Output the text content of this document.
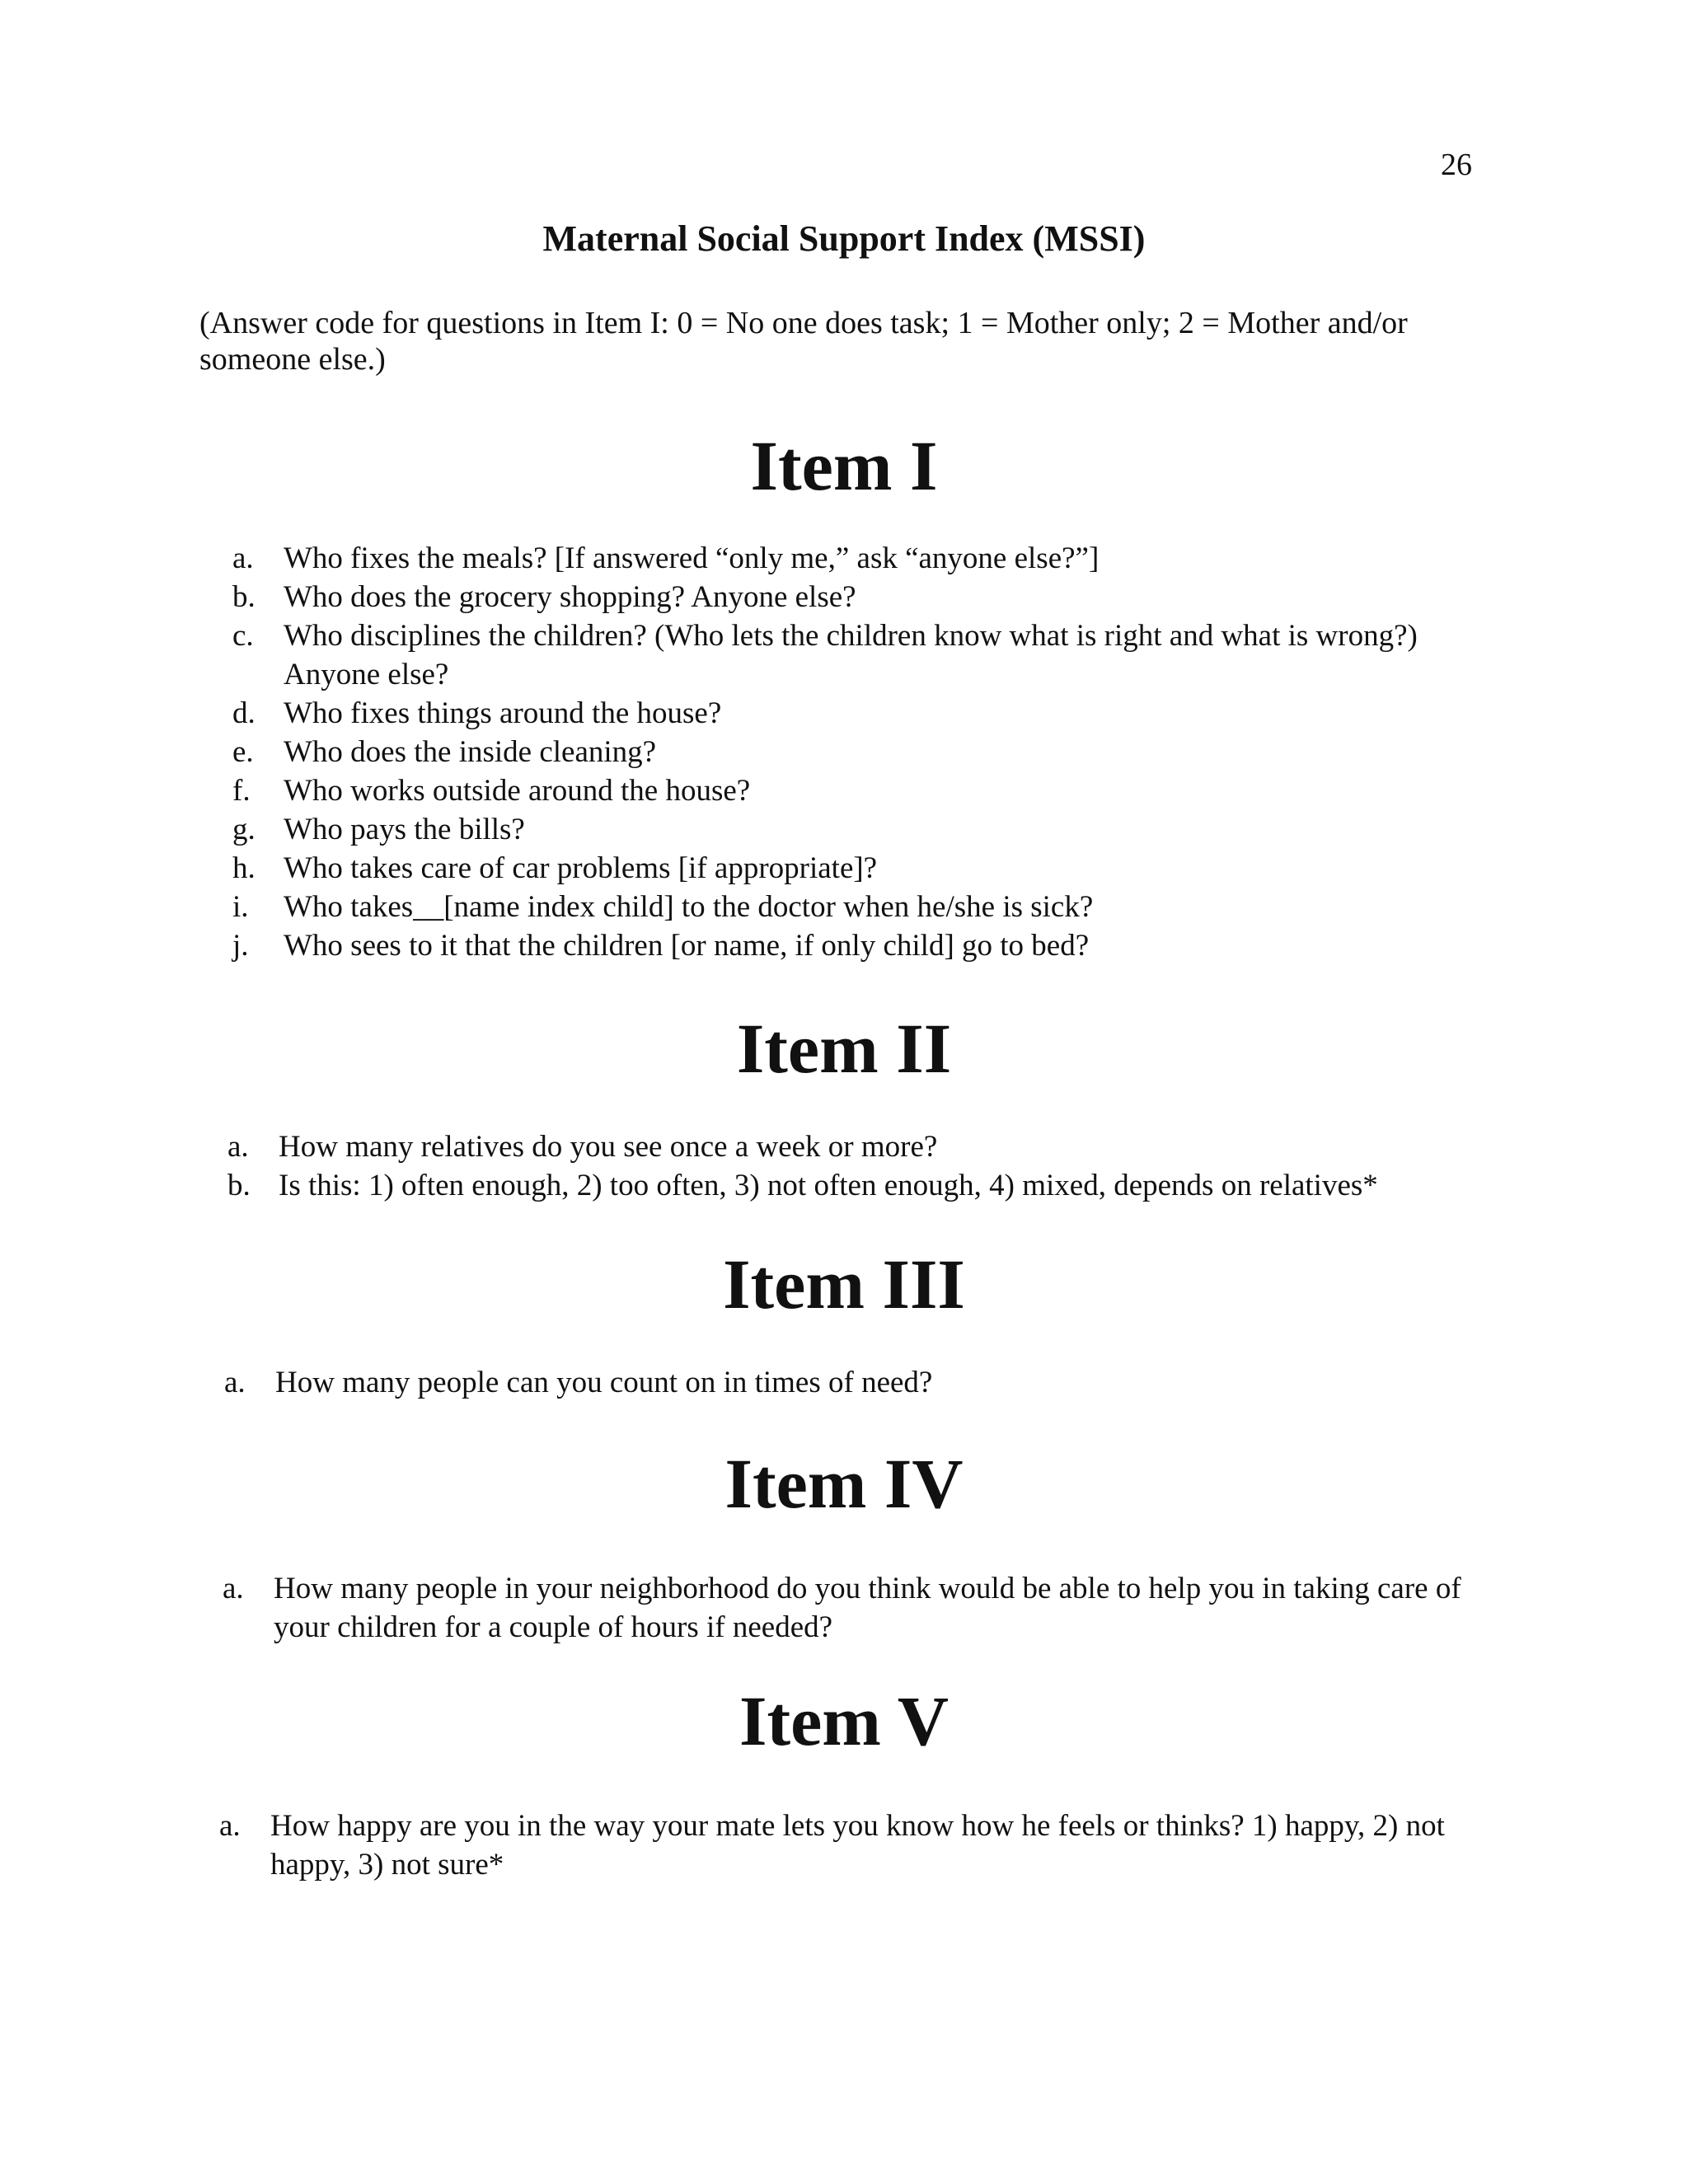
26
Maternal Social Support Index (MSSI)
(Answer code for questions in Item I: 0 = No one does task; 1 = Mother only; 2 = Mother and/or someone else.)
Item I
a. Who fixes the meals? [If answered “only me,” ask “anyone else?”]
b. Who does the grocery shopping? Anyone else?
c. Who disciplines the children? (Who lets the children know what is right and what is wrong?) Anyone else?
d. Who fixes things around the house?
e. Who does the inside cleaning?
f.	Who works outside around the house?
g. Who pays the bills?
h. Who takes care of car problems [if appropriate]?
i.	Who takes__[name index child] to the doctor when he/she is sick?
j.	Who sees to it that the children [or name, if only child] go to bed?
Item II
a. How many relatives do you see once a week or more?
b. Is this: 1) often enough, 2) too often, 3) not often enough, 4) mixed, depends on relatives*
Item III
a. How many people can you count on in times of need?
Item IV
a. How many people in your neighborhood do you think would be able to help you in taking care of your children for a couple of hours if needed?
Item V
a. How happy are you in the way your mate lets you know how he feels or thinks? 1) happy, 2) not happy, 3) not sure*
